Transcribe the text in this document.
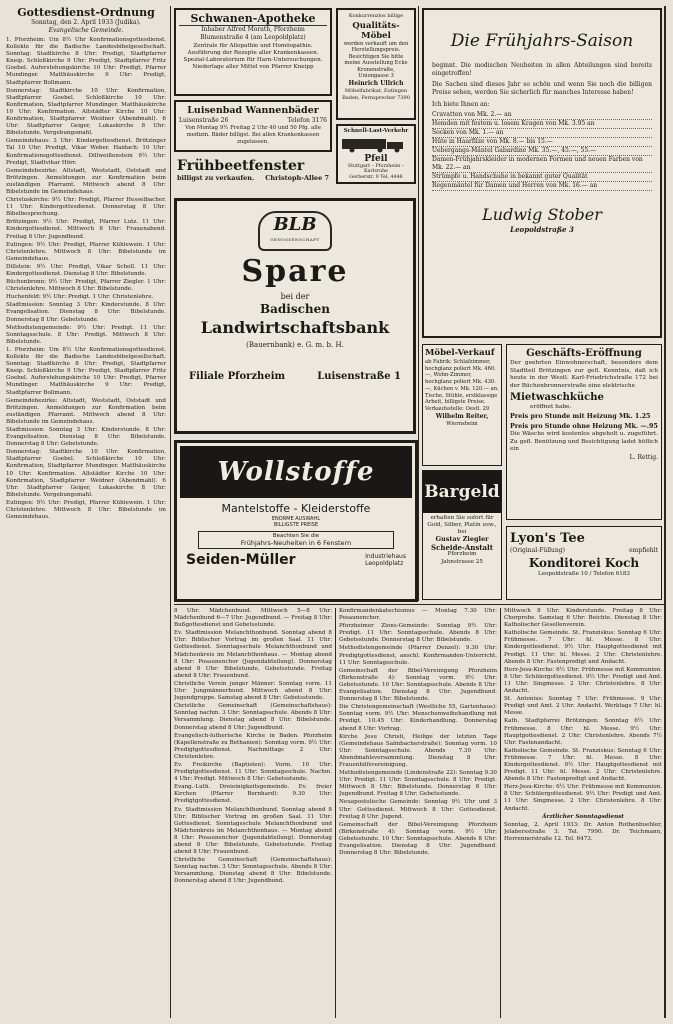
Gottesdienst-Ordnung
Sonntag, den 2. April 1933 (Judika).
Evangelische Gemeinde.

1. Pforzheim: Um 8½ Uhr Konfirmationsgottesdienst. Kollekte für die Badische Landesbibelgesellschaft. Sonntag: Stadtkirche 8 Uhr: Predigt, Stadtpfarrer Kneip. Schloßkirche 9 Uhr: Predigt, Stadtpfarrer Fritz Goebel. Auferstehungskirche 10 Uhr: Predigt, Pfarrer Mundinger. Matthäuskirche 9 Uhr: Predigt, Stadtpfarrer Bollmann.

Donnerstag: Stadtkirche 10 Uhr: Konfirmation, Stadtpfarrer Goebel. Schloßkirche 10 Uhr: Konfirmation, Stadtpfarrer Mundinger. Matthäuskirche 10 Uhr: Konfirmation. Altstädter Kirche 10 Uhr: Konfirmation, Stadtpfarrer Weidner (Abendmahl). 6 Uhr: Stadtpfarrer Geiger, Lukaskirche 8 Uhr: Bibelstunde. Vergebungsmahl.

Gemeindehaus: 3 Uhr: Kindergottesdienst. Brötzinger Tal 10 Uhr: Predigt, Vikar Weber. Haidach: 10 Uhr: Konfirmationsgottesdienst. Dillweißenstein 9½ Uhr: Predigt, Stadtvikar Hörr.

Gemeindebezirke: Altstadt, Weststadt, Oststadt und Brötzingen. Anmeldungen zur Konfirmation beim zuständigen Pfarramt. Mittwoch abend 8 Uhr: Bibelstunde im Gemeindehaus.

Christuskirche: 9½ Uhr: Predigt, Pfarrer Hesselbacher. 11 Uhr: Kindergottesdienst. Donnerstag 8 Uhr: Bibelbesprechung.

Brötzingen: 9½ Uhr: Predigt, Pfarrer Lutz. 11 Uhr: Kindergottesdienst. Mittwoch 8 Uhr: Frauenabend. Freitag 8 Uhr: Jugendbund.

Eutingen: 9½ Uhr: Predigt, Pfarrer Kühlewein. 1 Uhr: Christenlehre. Mittwoch 8 Uhr: Bibelstunde im Gemeindehaus.

Dillstein: 9½ Uhr: Predigt, Vikar Scholl. 11 Uhr: Kindergottesdienst. Dienstag 8 Uhr: Bibelstunde.

Büchenbronn: 9½ Uhr: Predigt, Pfarrer Ziegler. 1 Uhr: Christenlehre. Mittwoch 8 Uhr: Bibelstunde.

Huchenfeld: 9½ Uhr: Predigt. 1 Uhr: Christenlehre.

Stadtmission: Sonntag 3 Uhr: Kinderstunde. 8 Uhr: Evangelisation. Dienstag 8 Uhr: Bibelstunde. Donnerstag 8 Uhr: Gebetstunde.

Methodistengemeinde: 9½ Uhr: Predigt. 11 Uhr: Sonntagsschule. 8 Uhr: Predigt. Mittwoch 8 Uhr: Bibelstunde.

1. Pforzheim: Um 8½ Uhr Konfirmationsgottesdienst. Kollekte für die Badische Landesbibelgesellschaft. Sonntag: Stadtkirche 8 Uhr: Predigt, Stadtpfarrer Kneip. Schloßkirche 9 Uhr: Predigt, Stadtpfarrer Fritz Goebel. Auferstehungskirche 10 Uhr: Predigt, Pfarrer Mundinger. Matthäuskirche 9 Uhr: Predigt, Stadtpfarrer Bollmann.

Gemeindebezirke: Altstadt, Weststadt, Oststadt und Brötzingen. Anmeldungen zur Konfirmation beim zuständigen Pfarramt. Mittwoch abend 8 Uhr: Bibelstunde im Gemeindehaus.

Stadtmission: Sonntag 3 Uhr: Kinderstunde. 8 Uhr: Evangelisation. Dienstag 8 Uhr: Bibelstunde. Donnerstag 8 Uhr: Gebetstunde.

Donnerstag: Stadtkirche 10 Uhr: Konfirmation, Stadtpfarrer Goebel. Schloßkirche 10 Uhr: Konfirmation, Stadtpfarrer Mundinger. Matthäuskirche 10 Uhr: Konfirmation. Altstädter Kirche 10 Uhr: Konfirmation, Stadtpfarrer Weidner (Abendmahl). 6 Uhr: Stadtpfarrer Geiger, Lukaskirche 8 Uhr: Bibelstunde. Vergebungsmahl.

Eutingen: 9½ Uhr: Predigt, Pfarrer Kühlewein. 1 Uhr: Christenlehre. Mittwoch 8 Uhr: Bibelstunde im Gemeindehaus.

Schwanen-Apotheke
Inhaber Alfred Morath, Pforzheim
Blumenstraße 4 (am Leopoldplatz)
Zentrale für Allopathie und Homöopathie. Ausführung der Rezepte aller Krankenkassen. Spezial-Laboratorium für Harn-Untersuchungen. Niederlage aller Mittel von Pfarrer Kneipp
Konkurrenzlos billige
Qualitäts-Möbel
werden verkauft um den Herstellungspreis. Besichtigen Sie bitte meine Ausstellung Ecke Kronenstraße, Uniongasse 3
Heinrich Ullrich
Möbelfabrikat, Eutingen Baden, Fernsprecher 7390
Die Frühjahrs-Saison
beginnt. Die modischen Neuheiten in allen Abteilungen sind bereits eingetroffen!
Die Sachen sind dieses Jahr so schön und wenn Sie noch die billigen Preise sehen, werden Sie sicherlich für manches Interesse haben!
Ich biete Ihnen an:
Cravatten von Mk. 2.— an
Hemden mit festem u. losem Kragen von Mk. 3.95 an
Socken von Mk. 1.— an
Hüte in Haarfilze von Mk. 8.— bis 15.—
Uebergangs-Mäntel Gabardine Mk. 35.—, 45.—, 55.—
Damen-Frühjahrskleider in modernen Formen und neuen Farben von Mk. 22.— an
Strümpfe u. Handschuhe in bekannt guter Qualität
Regenmäntel für Damen und Herren von Mk. 16.— an
Ludwig Stober
Leopoldstraße 3
Luisenbad Wannenbäder
Luisenstraße 26	Telefon 3176
Von Montag 9½ Freitag 2 Uhr 40 und 50 Pfg. alle medizin. Bäder billigst. Bei allen Krankenkassen zugelassen.
Schnell-Last-Verkehr
Pfeil
Stuttgart – Pforzheim – Karlsruhe
Gerberstr. 9 Tel. 4446
Frühbeetfenster
billigst zu verkaufen. Christoph-Allee 7
BLB
GENOSSENSCHAFT
Spare
bei der
Badischen
Landwirtschaftsbank
(Bauernbank) e. G. m. b. H.
Filiale Pforzheim	Luisenstraße 1
Möbel-Verkauf
ab Fabrik: Schlafzimmer, hochglanz poliert Mk. 460.—, Wohn-Zimmer, hochglanz poliert Mk. 430.—, Küchen v. Mk. 120.— an. Tische, Stühle, erstklassige Arbeit, billigste Preise.
Verkaufsstelle: Oestl. 29
Wilhelm Reiter,
Wiernsheim
Geschäfts-Eröffnung
Der geehrten Einwohnerschaft, besonders dem Stadtteil Brötzingen zur gefl. Kenntnis, daß ich heute in der Westl. Karl-Friedrichstraße 172 bei der Büchenbronnerstraße eine elektrische
Mietwaschküche
eröffnet habe.
Preis pro Stunde mit Heizung Mk. 1.25
Preis pro Stunde ohne Heizung Mk. —.95
Die Wäsche wird kostenlos abgeholt u. zugeführt. Zu gefl. Benützung und Besichtigung ladet höflich ein
L. Rettig.
Wollstoffe
Mantelstoffe - Kleiderstoffe
ENORME AUSWAHL
BILLIGSTE PREISE
Beachten Sie die
Frühjahrs-Neuheiten in 6 Fenstern
Seiden-Müller	Industriehaus
Leopoldplatz
Bargeld
erhalten Sie sofort für Gold, Silber, Platin usw., bei
Gustav Ziegler
Scheide-Anstalt
Pforzheim
Jahnstrasse 25
Lyon's Tee
(Original-Füllung)	empfiehlt
Konditorei Koch
Leopoldstraße 10 / Telefon 6183

8 Uhr: Mädchenbund. Mittwoch 5—8 Uhr: Mädchenbund 6—7 Uhr: Jugendbund. — Freitag 8 Uhr: Bußgottesdienst und Gebetsstunde.

Ev. Stadtmission Melanchthonbund. Sonntag abend 8 Uhr: Biblischer Vortrag im großen Saal. 11 Uhr: Gottesdienst. Sonntagsschule Melanchthonbund und Mädchenkreis im Melanchthonhaus. — Montag abend 8 Uhr: Posaunenchor (Jugendabteilung). Donnerstag abend 8 Uhr: Bibelstunde, Gebetsstunde. Freitag abend 8 Uhr: Frauenbund.

Christliche Verein junger Männer: Sonntag vorm. 11 Uhr: Jungmännerbund. Mittwoch abend 8 Uhr: Jugendgruppe. Samstag abend 8 Uhr: Gebetsstunde.

Christliche Gemeinschaft (Gemeinschaftshaus): Sonntag nachm. 3 Uhr: Sonntagsschule. Abends 8 Uhr: Versammlung. Dienstag abend 8 Uhr: Bibelstunde. Donnerstag abend 8 Uhr: Jugendbund.

Evangelisch-lutherische Kirche in Baden. Pforzheim (Kapellenstraße zu Bethanien): Sonntag vorm. 9½ Uhr: Predigtgottesdienst. Nachmittags 2 Uhr: Christenlehre.

Ev. Freikirche (Baptisten): Vorm. 10 Uhr: Predigtgottesdienst. 11 Uhr: Sonntagsschule. Nachm. 4 Uhr: Predigt. Mittwoch 8 Uhr: Gebetsstunde.

Evang.-Luth. Dreieinigkeitsgemeinde. Ev. freier Kirchen (Pfarrer Bernhard): 9.30 Uhr: Predigtgottesdienst.

Ev. Stadtmission Melanchthonbund. Sonntag abend 8 Uhr: Biblischer Vortrag im großen Saal. 11 Uhr: Gottesdienst. Sonntagsschule Melanchthonbund und Mädchenkreis im Melanchthonhaus. — Montag abend 8 Uhr: Posaunenchor (Jugendabteilung). Donnerstag abend 8 Uhr: Bibelstunde, Gebetsstunde. Freitag abend 8 Uhr: Frauenbund.

Christliche Gemeinschaft (Gemeinschaftshaus): Sonntag nachm. 3 Uhr: Sonntagsschule. Abends 8 Uhr: Versammlung. Dienstag abend 8 Uhr: Bibelstunde. Donnerstag abend 8 Uhr: Jugendbund.

Konfirmandenkatechismus — Montag 7.30 Uhr: Posaunenchor.

Pforzheimer Zions-Gemeinde: Sonntag 9½ Uhr: Predigt. 11 Uhr: Sonntagsschule. Abends 8 Uhr: Gebetsstunde. Donnerstag 8 Uhr: Bibelstunde.

Methodistengemeinde (Pfarrer Denzel): 9.30 Uhr: Predigtgottesdienst, anschl. Konfirmanden-Unterricht. 11 Uhr: Sonntagsschule.

Gemeinschaft der Bibel-Vereinigung Pforzheim (Birkenstraße 4): Sonntag vorm. 9½ Uhr: Gebetsstunde. 10 Uhr: Sonntagsschule. Abends 8 Uhr: Evangelisation. Dienstag 8 Uhr: Jugendbund. Donnerstag 8 Uhr: Bibelstunde.

Die Christengemeinschaft (Westliche 55, Gartenhaus): Sonntag vorm. 9½ Uhr: Menschenweihehandlung mit Predigt. 10.45 Uhr: Kinderhandlung. Donnerstag abend 8 Uhr: Vortrag.

Kirche Jesu Christi, Heilige der letzten Tage (Gemeindehaus Salmbacherstraße): Sonntag vorm. 10 Uhr: Sonntagsschule. Abends 7.30 Uhr: Abendmahlsversammlung. Dienstag 8 Uhr: Frauenhilfsvereinigung.

Methodistengemeinde (Lindenstraße 22): Sonntag 9.30 Uhr: Predigt. 11 Uhr: Sonntagsschule. 8 Uhr: Predigt. Mittwoch 8 Uhr: Bibelstunde. Donnerstag 8 Uhr: Jugendbund. Freitag 8 Uhr: Gebetsstunde.

Neuapostolische Gemeinde: Sonntag 9½ Uhr und 3 Uhr: Gottesdienst. Mittwoch 8 Uhr: Gottesdienst. Freitag 8 Uhr: Jugend.

Gemeinschaft der Bibel-Vereinigung Pforzheim (Birkenstraße 4): Sonntag vorm. 9½ Uhr: Gebetsstunde. 10 Uhr: Sonntagsschule. Abends 8 Uhr: Evangelisation. Dienstag 8 Uhr: Jugendbund. Donnerstag 8 Uhr: Bibelstunde.

Mittwoch 8 Uhr: Kinderstunde. Freitag 8 Uhr: Chorprobe. Samstag 6 Uhr: Beichte. Dienstag 8 Uhr: Katholischer Gesellenverein.

Katholische Gemeinde. St. Franziskus: Sonntag 6 Uhr: Frühmesse. 7 Uhr: hl. Messe. 8 Uhr: Kindergottesdienst. 9½ Uhr: Hauptgottesdienst mit Predigt. 11 Uhr: hl. Messe. 2 Uhr: Christenlehre. Abends 8 Uhr: Fastenpredigt und Andacht.

Herz-Jesu-Kirche: 6½ Uhr: Frühmesse mit Kommunion. 8 Uhr: Schülergottesdienst. 9½ Uhr: Predigt und Amt. 11 Uhr: Singmesse. 2 Uhr: Christenlehre. 8 Uhr: Andacht.

St. Antonius: Sonntag 7 Uhr: Frühmesse. 9 Uhr: Predigt und Amt. 2 Uhr: Andacht. Werktags 7 Uhr: hl. Messe.

Kath. Stadtpfarrei Brötzingen: Sonntag 6½ Uhr: Frühmesse. 8 Uhr: hl. Messe. 9½ Uhr: Hauptgottesdienst. 2 Uhr: Christenlehre. Abends 7½ Uhr: Fastenandacht.

Katholische Gemeinde. St. Franziskus: Sonntag 6 Uhr: Frühmesse. 7 Uhr: hl. Messe. 8 Uhr: Kindergottesdienst. 9½ Uhr: Hauptgottesdienst mit Predigt. 11 Uhr: hl. Messe. 2 Uhr: Christenlehre. Abends 8 Uhr: Fastenpredigt und Andacht.

Herz-Jesu-Kirche: 6½ Uhr: Frühmesse mit Kommunion. 8 Uhr: Schülergottesdienst. 9½ Uhr: Predigt und Amt. 11 Uhr: Singmesse. 2 Uhr: Christenlehre. 8 Uhr: Andacht.

Ärztlicher Sonntagsdienst

Sonntag, 2. April 1933: Dr. Anton Rothenbuehler, Jelabersstraße 3. Tel. 7990. Dr. Teichmann, Herrennerstraße 12. Tel. 6473.
